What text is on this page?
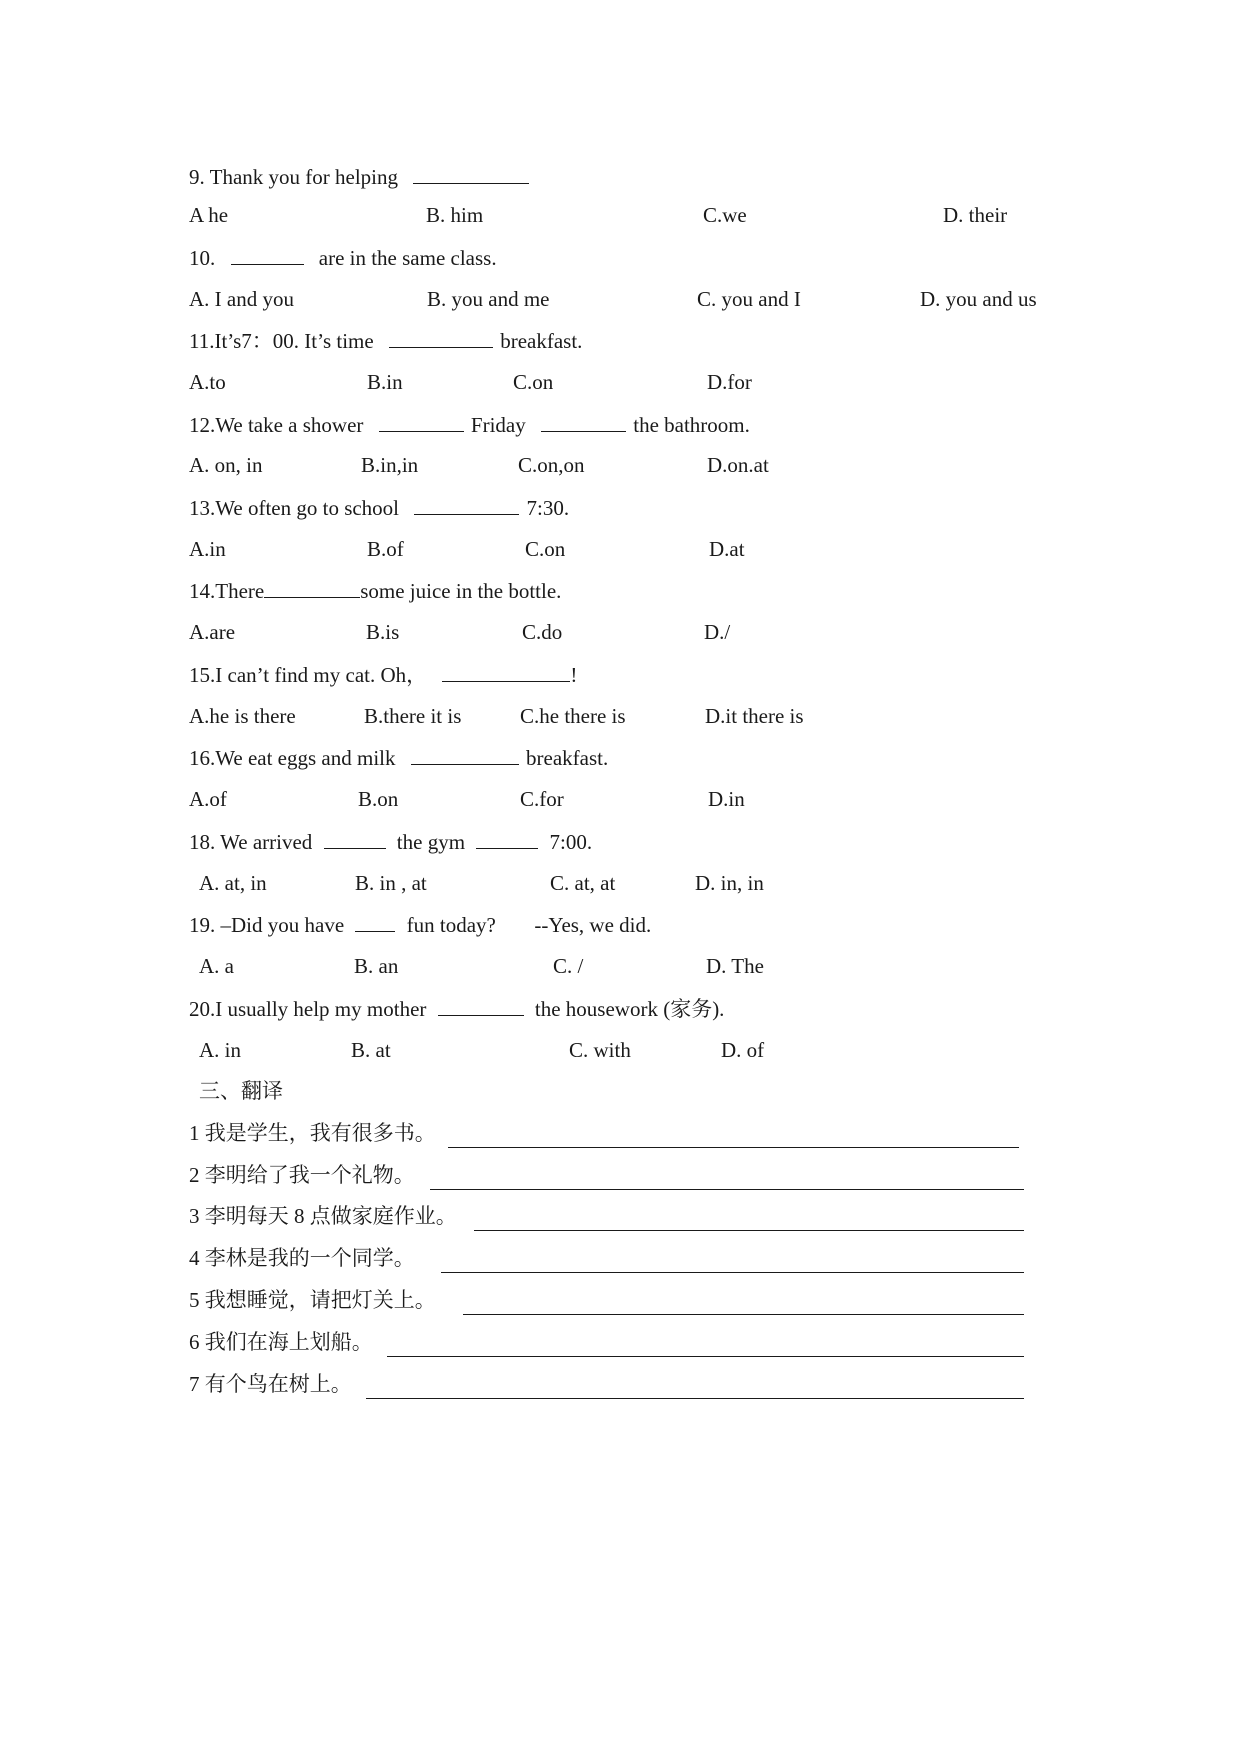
9. Thank you for helping
A he	B. him	C.we	D. their
10.	are in the same class.
A. I and you	B. you and me	C. you and I	D. you and us
11.It’s7：00. It’s time	breakfast.
A.to	B.in	C.on	D.for
12.We take a shower	Friday	the bathroom.
A. on, in	B.in,in	C.on,on	D.on.at
13.We often go to school	7:30.
A.in	B.of	C.on	D.at
14.There	some juice in the bottle.
A.are	B.is	C.do	D./
15.I can’t find my cat. Oh，	!
A.he is there	B.there it is	C.he there is	D.it there is
16.We eat eggs and milk	breakfast.
A.of	B.on	C.for	D.in
18. We arrived	the gym	7:00.
A. at, in	B. in , at	C. at, at	D. in, in
19. –Did you have	fun today? --Yes, we did.
A. a	B. an	C. /	D. The
20.I usually help my mother	the housework (家务).
A. in	B. at	C. with	D. of
三、翻译
1 我是学生，我有很多书。
2 李明给了我一个礼物。
3 李明每天 8 点做家庭作业。
4 李林是我的一个同学。
5 我想睡觉，请把灯关上。
6 我们在海上划船。
7 有个鸟在树上。
